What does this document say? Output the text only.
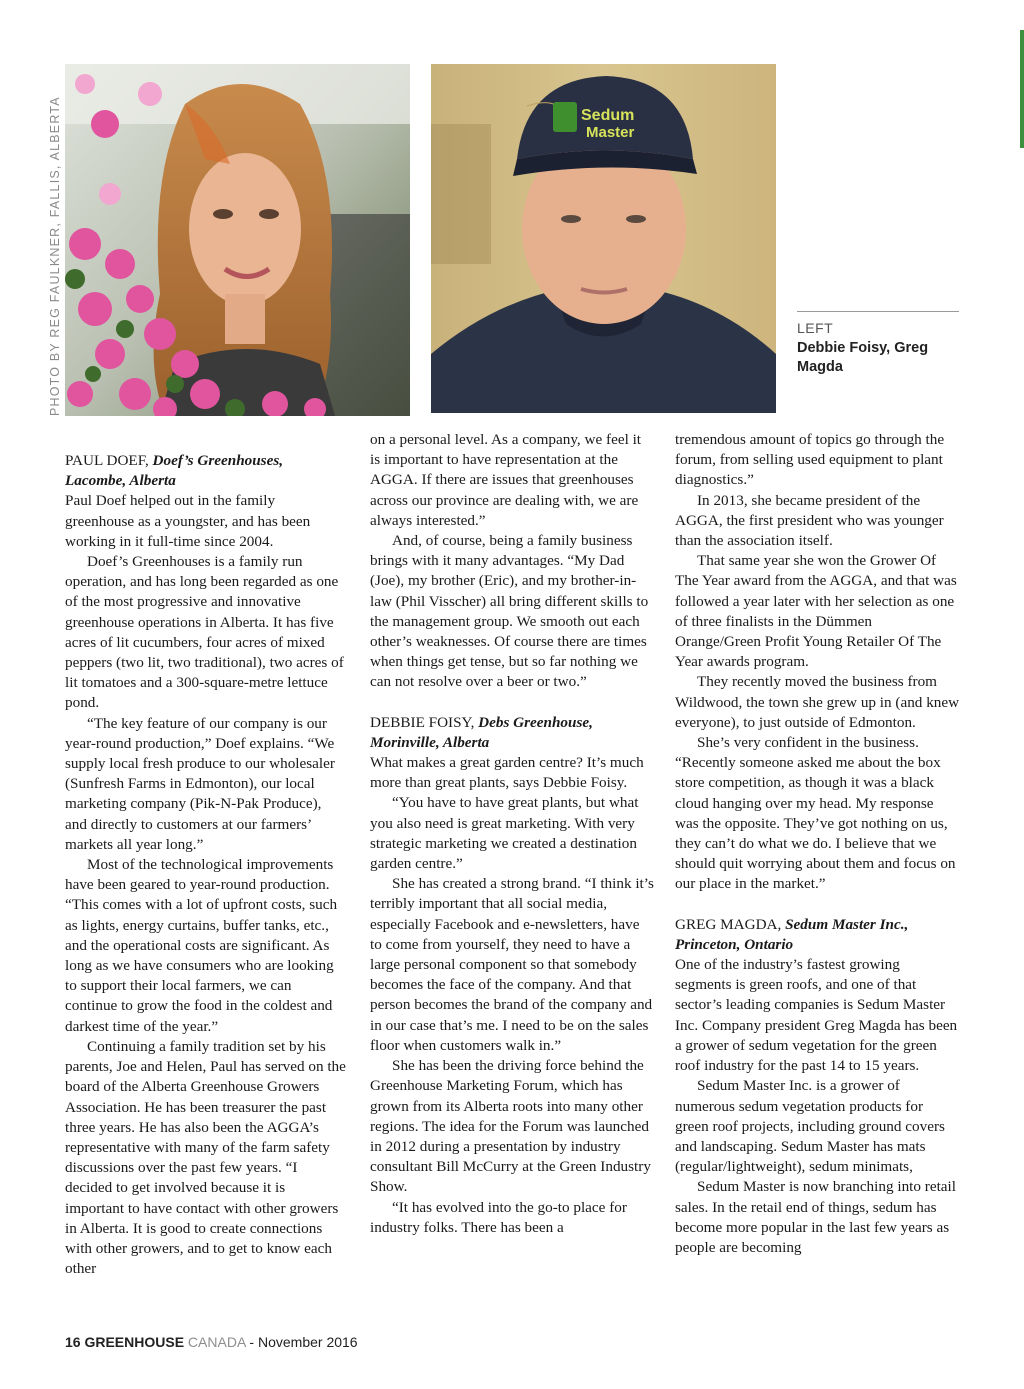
PHOTO BY REG FAULKNER, FALLIS, ALBERTA	Sedum
Master
LEFT
Debbie Foisy, Greg Magda

PAUL DOEF, Doef’s Greenhouses,
Lacombe, Alberta

Paul Doef helped out in the family greenhouse as a youngster, and has been working in it full-time since 2004.

Doef’s Greenhouses is a family run operation, and has long been regarded as one of the most progressive and innovative greenhouse operations in Alberta. It has five acres of lit cucumbers, four acres of mixed peppers (two lit, two traditional), two acres of lit tomatoes and a 300-square-metre lettuce pond.

“The key feature of our company is our year-round production,” Doef explains. “We supply local fresh produce to our wholesaler (Sunfresh Farms in Edmonton), our local marketing company (Pik-N-Pak Produce), and directly to customers at our farmers’ markets all year long.”

Most of the technological improvements have been geared to year-round production. “This comes with a lot of upfront costs, such as lights, energy curtains, buffer tanks, etc., and the operational costs are significant. As long as we have consumers who are looking to support their local farmers, we can continue to grow the food in the coldest and darkest time of the year.”

Continuing a family tradition set by his parents, Joe and Helen, Paul has served on the board of the Alberta Greenhouse Growers Association. He has been treasurer the past three years. He has also been the AGGA’s representative with many of the farm safety discussions over the past few years. “I decided to get involved because it is important to have contact with other growers in Alberta. It is good to create connections with other growers, and to get to know each other

on a personal level. As a company, we feel it is important to have representation at the AGGA. If there are issues that greenhouses across our province are dealing with, we are always interested.”

And, of course, being a family business brings with it many advantages. “My Dad (Joe), my brother (Eric), and my brother-in-law (Phil Visscher) all bring different skills to the management group. We smooth out each other’s weaknesses. Of course there are times when things get tense, but so far nothing we can not resolve over a beer or two.”

DEBBIE FOISY, Debs Greenhouse,
Morinville, Alberta

What makes a great garden centre? It’s much more than great plants, says Debbie Foisy.

“You have to have great plants, but what you also need is great marketing. With very strategic marketing we created a destination garden centre.”

She has created a strong brand. “I think it’s terribly important that all social media, especially Facebook and e-newsletters, have to come from yourself, they need to have a large personal component so that somebody becomes the face of the company. And that person becomes the brand of the company and in our case that’s me. I need to be on the sales floor when customers walk in.”

She has been the driving force behind the Greenhouse Marketing Forum, which has grown from its Alberta roots into many other regions. The idea for the Forum was launched in 2012 during a presentation by industry consultant Bill McCurry at the Green Industry Show.

“It has evolved into the go-to place for industry folks. There has been a

tremendous amount of topics go through the forum, from selling used equipment to plant diagnostics.”

In 2013, she became president of the AGGA, the first president who was younger than the association itself.

That same year she won the Grower Of The Year award from the AGGA, and that was followed a year later with her selection as one of three finalists in the Dümmen Orange/Green Profit Young Retailer Of The Year awards program.

They recently moved the business from Wildwood, the town she grew up in (and knew everyone), to just outside of Edmonton.

She’s very confident in the business. “Recently someone asked me about the box store competition, as though it was a black cloud hanging over my head. My response was the opposite. They’ve got nothing on us, they can’t do what we do. I believe that we should quit worrying about them and focus on our place in the market.”

GREG MAGDA, Sedum Master Inc.,
Princeton, Ontario

One of the industry’s fastest growing segments is green roofs, and one of that sector’s leading companies is Sedum Master Inc. Company president Greg Magda has been a grower of sedum vegetation for the green roof industry for the past 14 to 15 years.

Sedum Master Inc. is a grower of numerous sedum vegetation products for green roof projects, including ground covers and landscaping. Sedum Master has mats (regular/lightweight), sedum minimats,

Sedum Master is now branching into retail sales. In the retail end of things, sedum has become more popular in the last few years as people are becoming

16 GREENHOUSE CANADA - November 2016
